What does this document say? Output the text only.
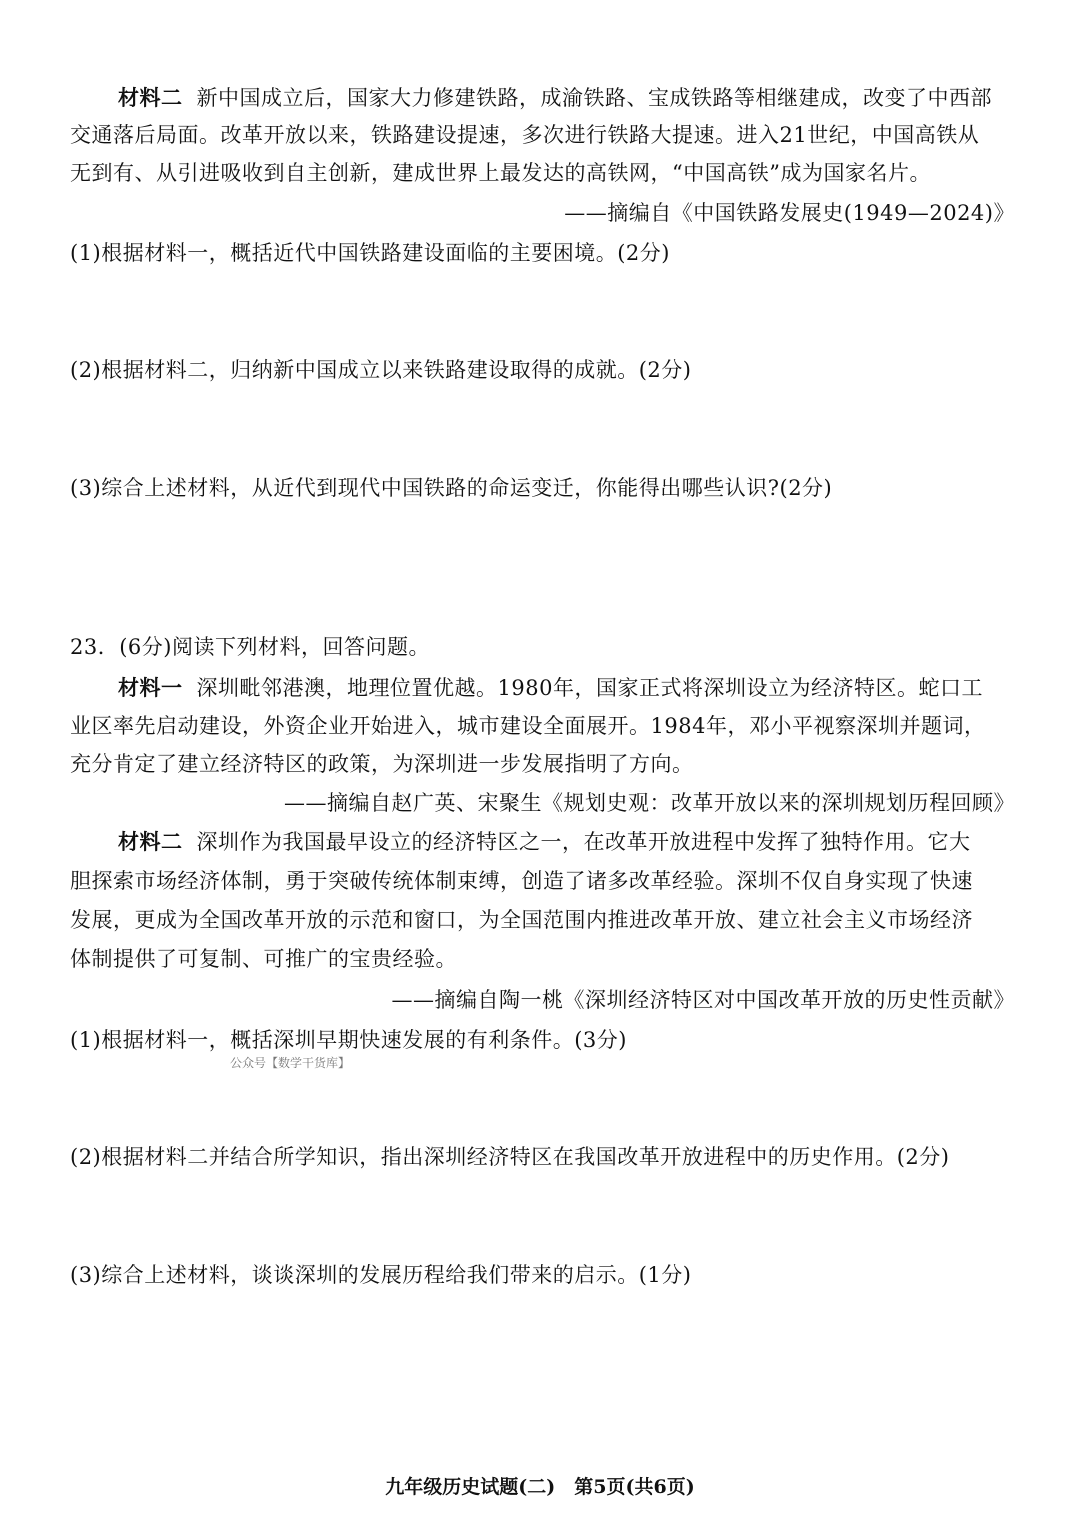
材料二 新中国成立后，国家大力修建铁路，成渝铁路、宝成铁路等相继建成，改变了中西部
交通落后局面。改革开放以来，铁路建设提速，多次进行铁路大提速。进入21世纪，中国高铁从
无到有、从引进吸收到自主创新，建成世界上最发达的高铁网，“中国高铁”成为国家名片。
——摘编自《中国铁路发展史(1949—2024)》
(1)根据材料一，概括近代中国铁路建设面临的主要困境。(2分)
(2)根据材料二，归纳新中国成立以来铁路建设取得的成就。(2分)
(3)综合上述材料，从近代到现代中国铁路的命运变迁，你能得出哪些认识?(2分)
23．(6分)阅读下列材料，回答问题。
材料一 深圳毗邻港澳，地理位置优越。1980年，国家正式将深圳设立为经济特区。蛇口工
业区率先启动建设，外资企业开始进入，城市建设全面展开。1984年，邓小平视察深圳并题词，
充分肯定了建立经济特区的政策，为深圳进一步发展指明了方向。
——摘编自赵广英、宋聚生《规划史观：改革开放以来的深圳规划历程回顾》
材料二 深圳作为我国最早设立的经济特区之一，在改革开放进程中发挥了独特作用。它大
胆探索市场经济体制，勇于突破传统体制束缚，创造了诸多改革经验。深圳不仅自身实现了快速
发展，更成为全国改革开放的示范和窗口，为全国范围内推进改革开放、建立社会主义市场经济
体制提供了可复制、可推广的宝贵经验。
——摘编自陶一桃《深圳经济特区对中国改革开放的历史性贡献》
(1)根据材料一，概括深圳早期快速发展的有利条件。(3分)
公众号【数学干货库】
(2)根据材料二并结合所学知识，指出深圳经济特区在我国改革开放进程中的历史作用。(2分)
(3)综合上述材料，谈谈深圳的发展历程给我们带来的启示。(1分)
九年级历史试题(二)　第5页(共6页)
